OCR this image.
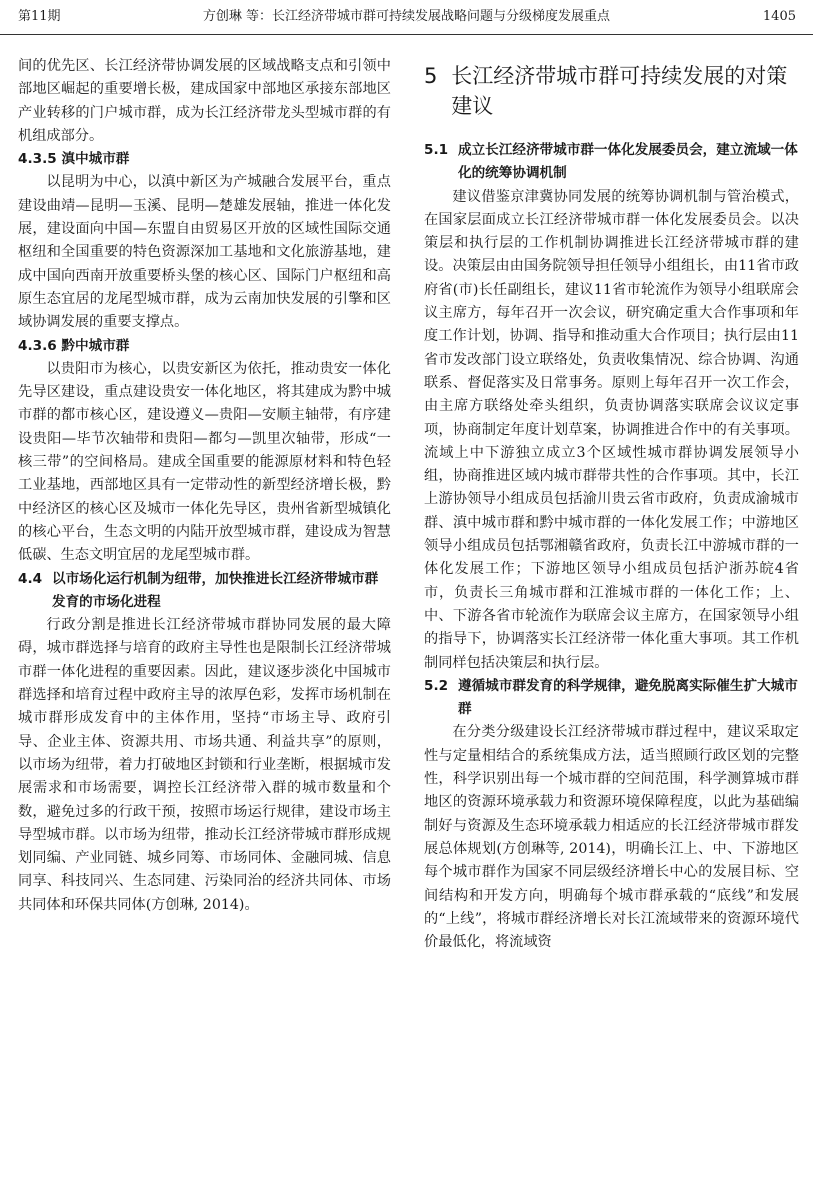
第11期	方创琳 等：长江经济带城市群可持续发展战略问题与分级梯度发展重点	1405

间的优先区、长江经济带协调发展的区域战略支点和引领中部地区崛起的重要增长极，建成国家中部地区承接东部地区产业转移的门户城市群，成为长江经济带龙头型城市群的有机组成部分。

4.3.5 滇中城市群

以昆明为中心，以滇中新区为产城融合发展平台，重点建设曲靖—昆明—玉溪、昆明—楚雄发展轴，推进一体化发展，建设面向中国—东盟自由贸易区开放的区域性国际交通枢纽和全国重要的特色资源深加工基地和文化旅游基地，建成中国向西南开放重要桥头堡的核心区、国际门户枢纽和高原生态宜居的龙尾型城市群，成为云南加快发展的引擎和区域协调发展的重要支撑点。

4.3.6 黔中城市群

以贵阳市为核心，以贵安新区为依托，推动贵安一体化先导区建设，重点建设贵安一体化地区，将其建成为黔中城市群的都市核心区，建设遵义—贵阳—安顺主轴带，有序建设贵阳—毕节次轴带和贵阳—都匀—凯里次轴带，形成“一核三带”的空间格局。建成全国重要的能源原材料和特色轻工业基地，西部地区具有一定带动性的新型经济增长极，黔中经济区的核心区及城市一体化先导区，贵州省新型城镇化的核心平台，生态文明的内陆开放型城市群，建设成为智慧低碳、生态文明宜居的龙尾型城市群。

4.4 以市场化运行机制为纽带，加快推进长江经济带城市群发育的市场化进程

行政分割是推进长江经济带城市群协同发展的最大障碍，城市群选择与培育的政府主导性也是限制长江经济带城市群一体化进程的重要因素。因此，建议逐步淡化中国城市群选择和培育过程中政府主导的浓厚色彩，发挥市场机制在城市群形成发育中的主体作用，坚持“市场主导、政府引导、企业主体、资源共用、市场共通、利益共享”的原则，以市场为纽带，着力打破地区封锁和行业垄断，根据城市发展需求和市场需要，调控长江经济带入群的城市数量和个数，避免过多的行政干预，按照市场运行规律，建设市场主导型城市群。以市场为纽带，推动长江经济带城市群形成规划同编、产业同链、城乡同筹、市场同体、金融同城、信息同享、科技同兴、生态同建、污染同治的经济共同体、市场共同体和环保共同体(方创琳, 2014)。

5 长江经济带城市群可持续发展的对策建议
5.1 成立长江经济带城市群一体化发展委员会，建立流域一体化的统筹协调机制

建议借鉴京津冀协同发展的统筹协调机制与管治模式，在国家层面成立长江经济带城市群一体化发展委员会。以决策层和执行层的工作机制协调推进长江经济带城市群的建设。决策层由由国务院领导担任领导小组组长，由11省市政府省(市)长任副组长，建议11省市轮流作为领导小组联席会议主席方，每年召开一次会议，研究确定重大合作事项和年度工作计划，协调、指导和推动重大合作项目；执行层由11省市发改部门设立联络处，负责收集情况、综合协调、沟通联系、督促落实及日常事务。原则上每年召开一次工作会，由主席方联络处牵头组织，负责协调落实联席会议议定事项，协商制定年度计划草案，协调推进合作中的有关事项。流域上中下游独立成立3个区域性城市群协调发展领导小组，协商推进区域内城市群带共性的合作事项。其中，长江上游协领导小组成员包括渝川贵云省市政府，负责成渝城市群、滇中城市群和黔中城市群的一体化发展工作；中游地区领导小组成员包括鄂湘赣省政府，负责长江中游城市群的一体化发展工作；下游地区领导小组成员包括沪浙苏皖4省市，负责长三角城市群和江淮城市群的一体化工作；上、中、下游各省市轮流作为联席会议主席方，在国家领导小组的指导下，协调落实长江经济带一体化重大事项。其工作机制同样包括决策层和执行层。

5.2 遵循城市群发育的科学规律，避免脱离实际催生扩大城市群

在分类分级建设长江经济带城市群过程中，建议采取定性与定量相结合的系统集成方法，适当照顾行政区划的完整性，科学识别出每一个城市群的空间范围，科学测算城市群地区的资源环境承载力和资源环境保障程度，以此为基础编制好与资源及生态环境承载力相适应的长江经济带城市群发展总体规划(方创琳等, 2014)，明确长江上、中、下游地区每个城市群作为国家不同层级经济增长中心的发展目标、空间结构和开发方向，明确每个城市群承载的“底线”和发展的“上线”，将城市群经济增长对长江流域带来的资源环境代价最低化，将流域资
